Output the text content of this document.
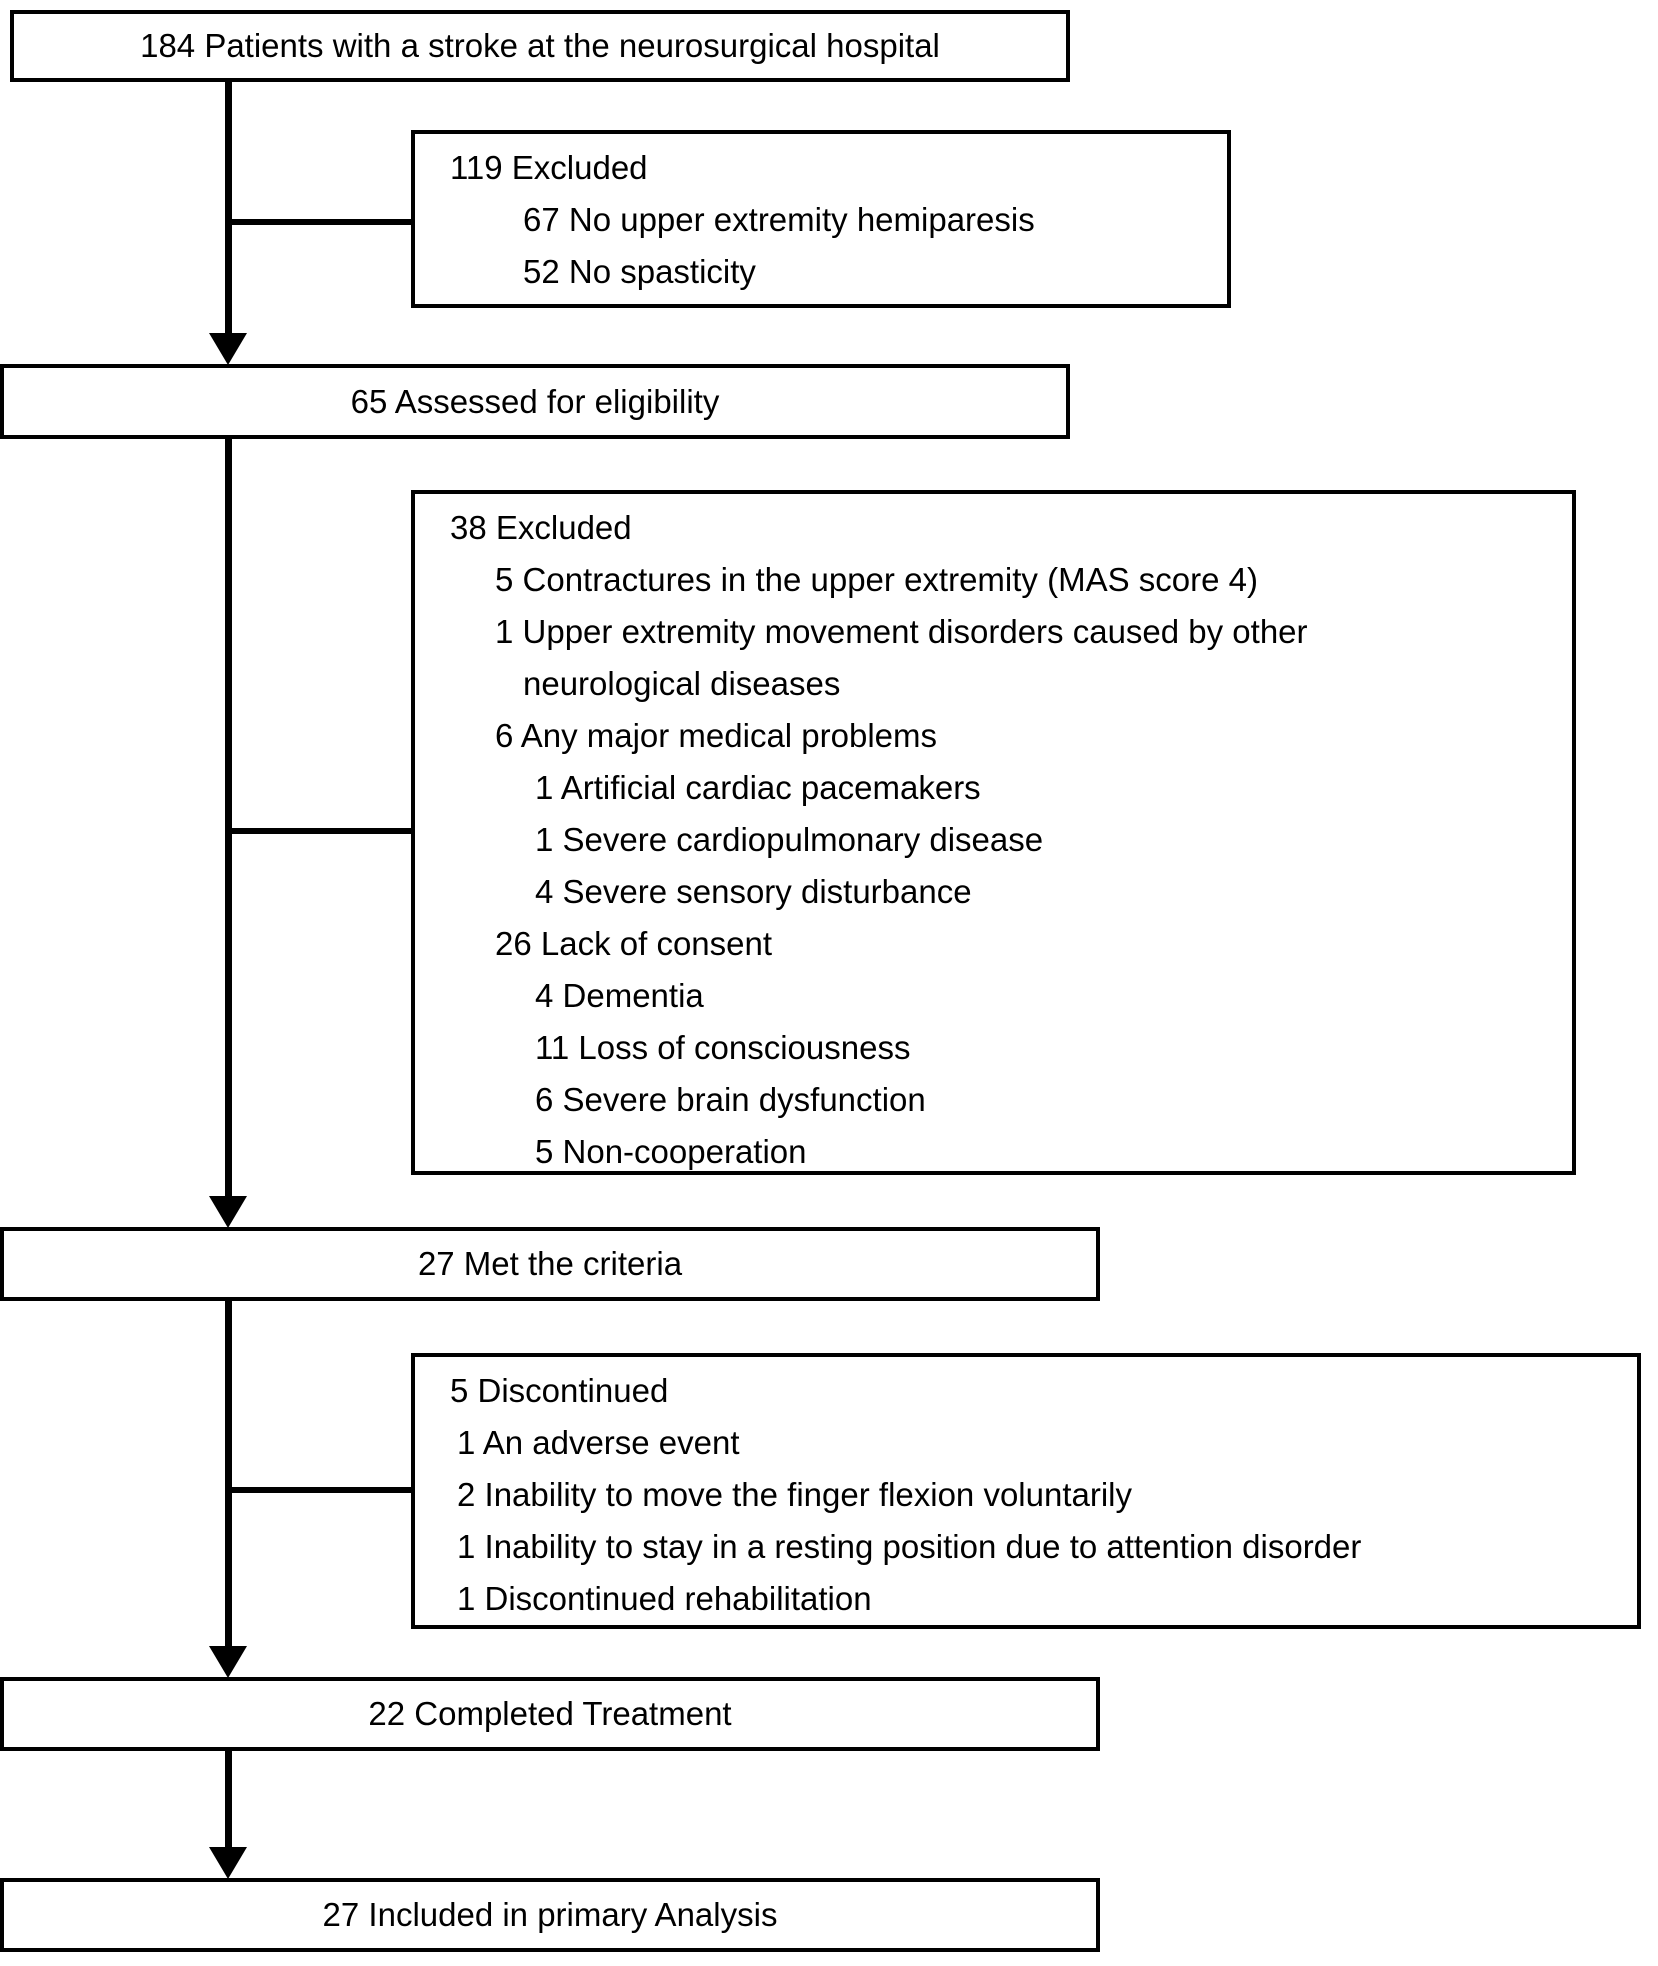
184 Patients with a stroke at the neurosurgical hospital
119 Excluded
67 No upper extremity hemiparesis
52 No spasticity
65 Assessed for eligibility
38 Excluded
5 Contractures in the upper extremity (MAS score 4)
1 Upper extremity movement disorders caused by other neurological diseases
6 Any major medical problems
1 Artificial cardiac pacemakers
1 Severe cardiopulmonary disease
4 Severe sensory disturbance
26 Lack of consent
4 Dementia
11 Loss of consciousness
6 Severe brain dysfunction
5 Non-cooperation
27 Met the criteria
5 Discontinued
1 An adverse event
2 Inability to move the finger flexion voluntarily
1 Inability to stay in a resting position due to attention disorder
1 Discontinued rehabilitation
22 Completed Treatment
27 Included in primary Analysis
